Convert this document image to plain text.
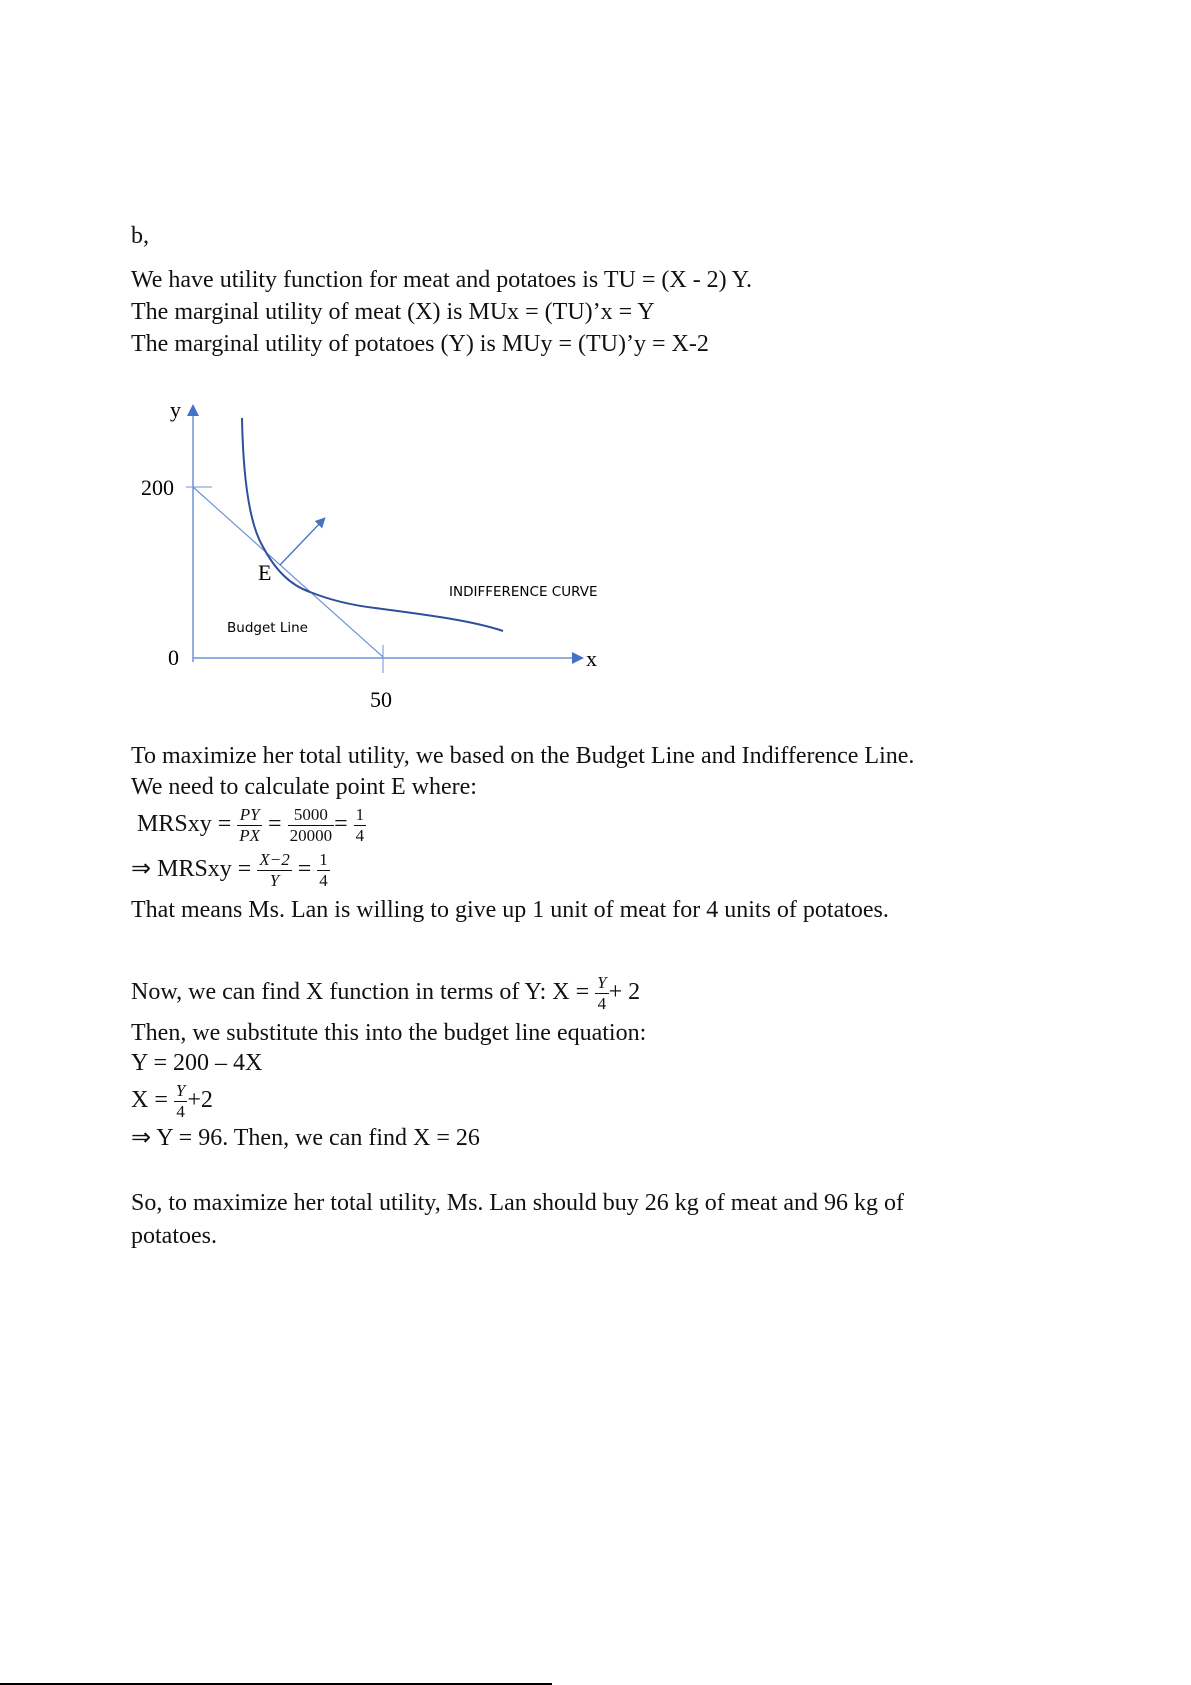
b,
We have utility function for meat and potatoes is TU = (X - 2) Y.
The marginal utility of meat (X) is MUx = (TU)’x = Y
The marginal utility of potatoes (Y) is MUy = (TU)’y = X-2
y
x
0
200
50
E
INDIFFERENCE CURVE
Budget Line
To maximize her total utility, we based on the Budget Line and Indifference Line.
We need to calculate point E where:
MRSxy = $\frac{PY}{PX} = \frac{5000}{20000} = \frac{1}{4}$
⇒ MRSxy = $\frac{X-2}{Y} = \frac{1}{4}$
That means Ms. Lan is willing to give up 1 unit of meat for 4 units of potatoes.
Now, we can find X function in terms of Y: $X = \frac{Y}{4} + 2$
Then, we substitute this into the budget line equation:
Y = 200 – 4X
$X = \frac{Y}{4} +2$
⇒ Y = 96. Then, we can find X = 26
So, to maximize her total utility, Ms. Lan should buy 26 kg of meat and 96 kg of
potatoes.
